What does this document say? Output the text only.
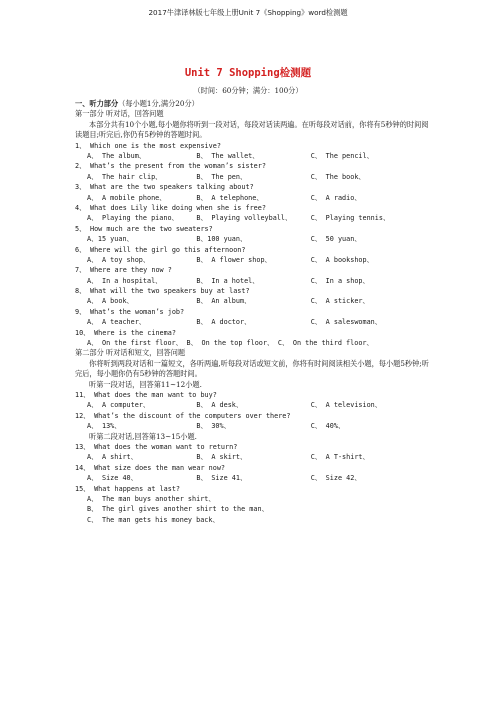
2017牛津译林版七年级上册Unit 7《Shopping》word检测题
Unit 7 Shopping检测题
（时间：60分钟；满分：100分）
一、听力部分（每小题1分,满分20分）
第一部分 听对话，回答问题
本部分共有10个小题,每小题你将听到一段对话，每段对话读两遍。在听每段对话前，你将有5秒钟的时间阅读题目;听完后,你仍有5秒钟的答题时间。
1、 Which one is the most expensive?
A、 The album、	B、 The wallet、	C、 The pencil、
2、 What’s the present from the woman’s sister?
A、 The hair clip、	B、 The pen、	C、 The book、
3、 What are the two speakers talking about?
A、 A mobile phone、	B、 A telephone、	C、 A radio、
4、 What does Lily like doing when she is free?
A、 Playing the piano、	B、 Playing volleyball、	C、 Playing tennis、
5、 How much are the two sweaters?
A、15 yuan、	B、100 yuan、	C、 50 yuan、
6、 Where will the girl go this afternoon?
A、 A toy shop、	B、 A flower shop、	C、 A bookshop、
7、 Where are they now ?
A、 In a hospital、	B、 In a hotel、	C、 In a shop、
8、 What will the two speakers buy at last?
A、 A book、	B、 An album、	C、 A sticker、
9、 What’s the woman’s job?
A、 A teacher、	B、 A doctor、	C、 A saleswoman、
10、 Where is the cinema?
A、 On the first floor、 B、 On the top floor、 C、 On the third floor、
第二部分 听对话和短文，回答问题
你将听到两段对话和一篇短文，各听两遍,听每段对话或短文前，你将有时间阅读相关小题，每小题5秒钟;听完后，每小题你仍有5秒钟的答题时间。
听第一段对话，回答第11~12小题.
11、 What does the man want to buy?
A、 A computer、	B、 A desk、	C、 A television、
12、 What’s the discount of the computers over there?
A、 13%、	B、 30%、	C、 40%、
听第二段对话,回答第13~15小题.
13、 What does the woman want to return?
A、 A shirt、	B、 A skirt、	C、 A T-shirt、
14、 What size does the man wear now?
A、 Size 40、	B、 Size 41、	C、 Size 42、
15、 What happens at last?
A、 The man buys another shirt、
B、 The girl gives another shirt to the man、
C、 The man gets his money back、
